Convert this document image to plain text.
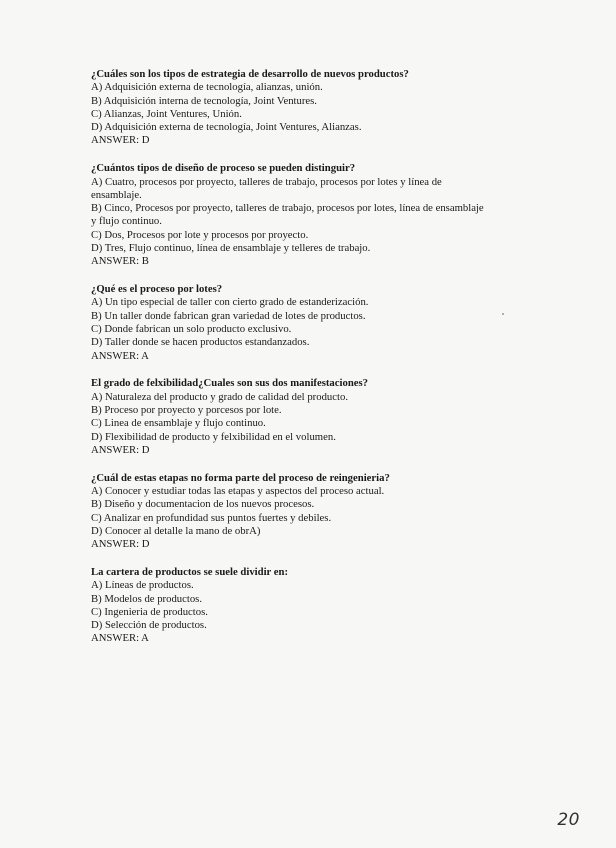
¿Cuáles son los tipos de estrategia de desarrollo de nuevos productos?

A) Adquisición externa de tecnología, alianzas, unión.

B) Adquisición interna de tecnología, Joint Ventures.

C) Alianzas, Joint Ventures, Unión.

D) Adquisición externa de tecnología, Joint Ventures, Alianzas.

ANSWER: D

¿Cuántos tipos de diseño de proceso se pueden distinguir?

A) Cuatro, procesos por proyecto, talleres de trabajo, procesos por lotes y línea de ensamblaje.

B) Cinco, Procesos por proyecto, talleres de trabajo, procesos por lotes, línea de ensamblaje y flujo continuo.

C) Dos, Procesos por lote y procesos por proyecto.

D) Tres, Flujo continuo, línea de ensamblaje y telleres de trabajo.

ANSWER: B

¿Qué es el proceso por lotes?

A) Un tipo especial de taller con cierto grado de estanderización.

B) Un taller donde fabrican gran variedad de lotes de productos.

C) Donde fabrican un solo producto exclusivo.

D) Taller donde se hacen productos estandanzados.

ANSWER: A

El grado de felxibilidad¿Cuales son sus dos manifestaciones?

A) Naturaleza del producto y grado de calidad del producto.

B) Proceso por proyecto y porcesos por lote.

C) Linea de ensamblaje y flujo continuo.

D) Flexibilidad de producto y felxibilidad en el volumen.

ANSWER: D

¿Cuál de estas etapas no forma parte del proceso de reingenieria?

A) Conocer y estudiar todas las etapas y aspectos del proceso actual.

B) Diseño y documentacion de los nuevos procesos.

C) Analizar en profundidad sus puntos fuertes y debiles.

D) Conocer al detalle la mano de obrA)

ANSWER: D

La cartera de productos se suele dividir en:

A) Líneas de productos.

B) Modelos de productos.

C) Ingenieria de productos.

D) Selección de productos.

ANSWER: A

20
